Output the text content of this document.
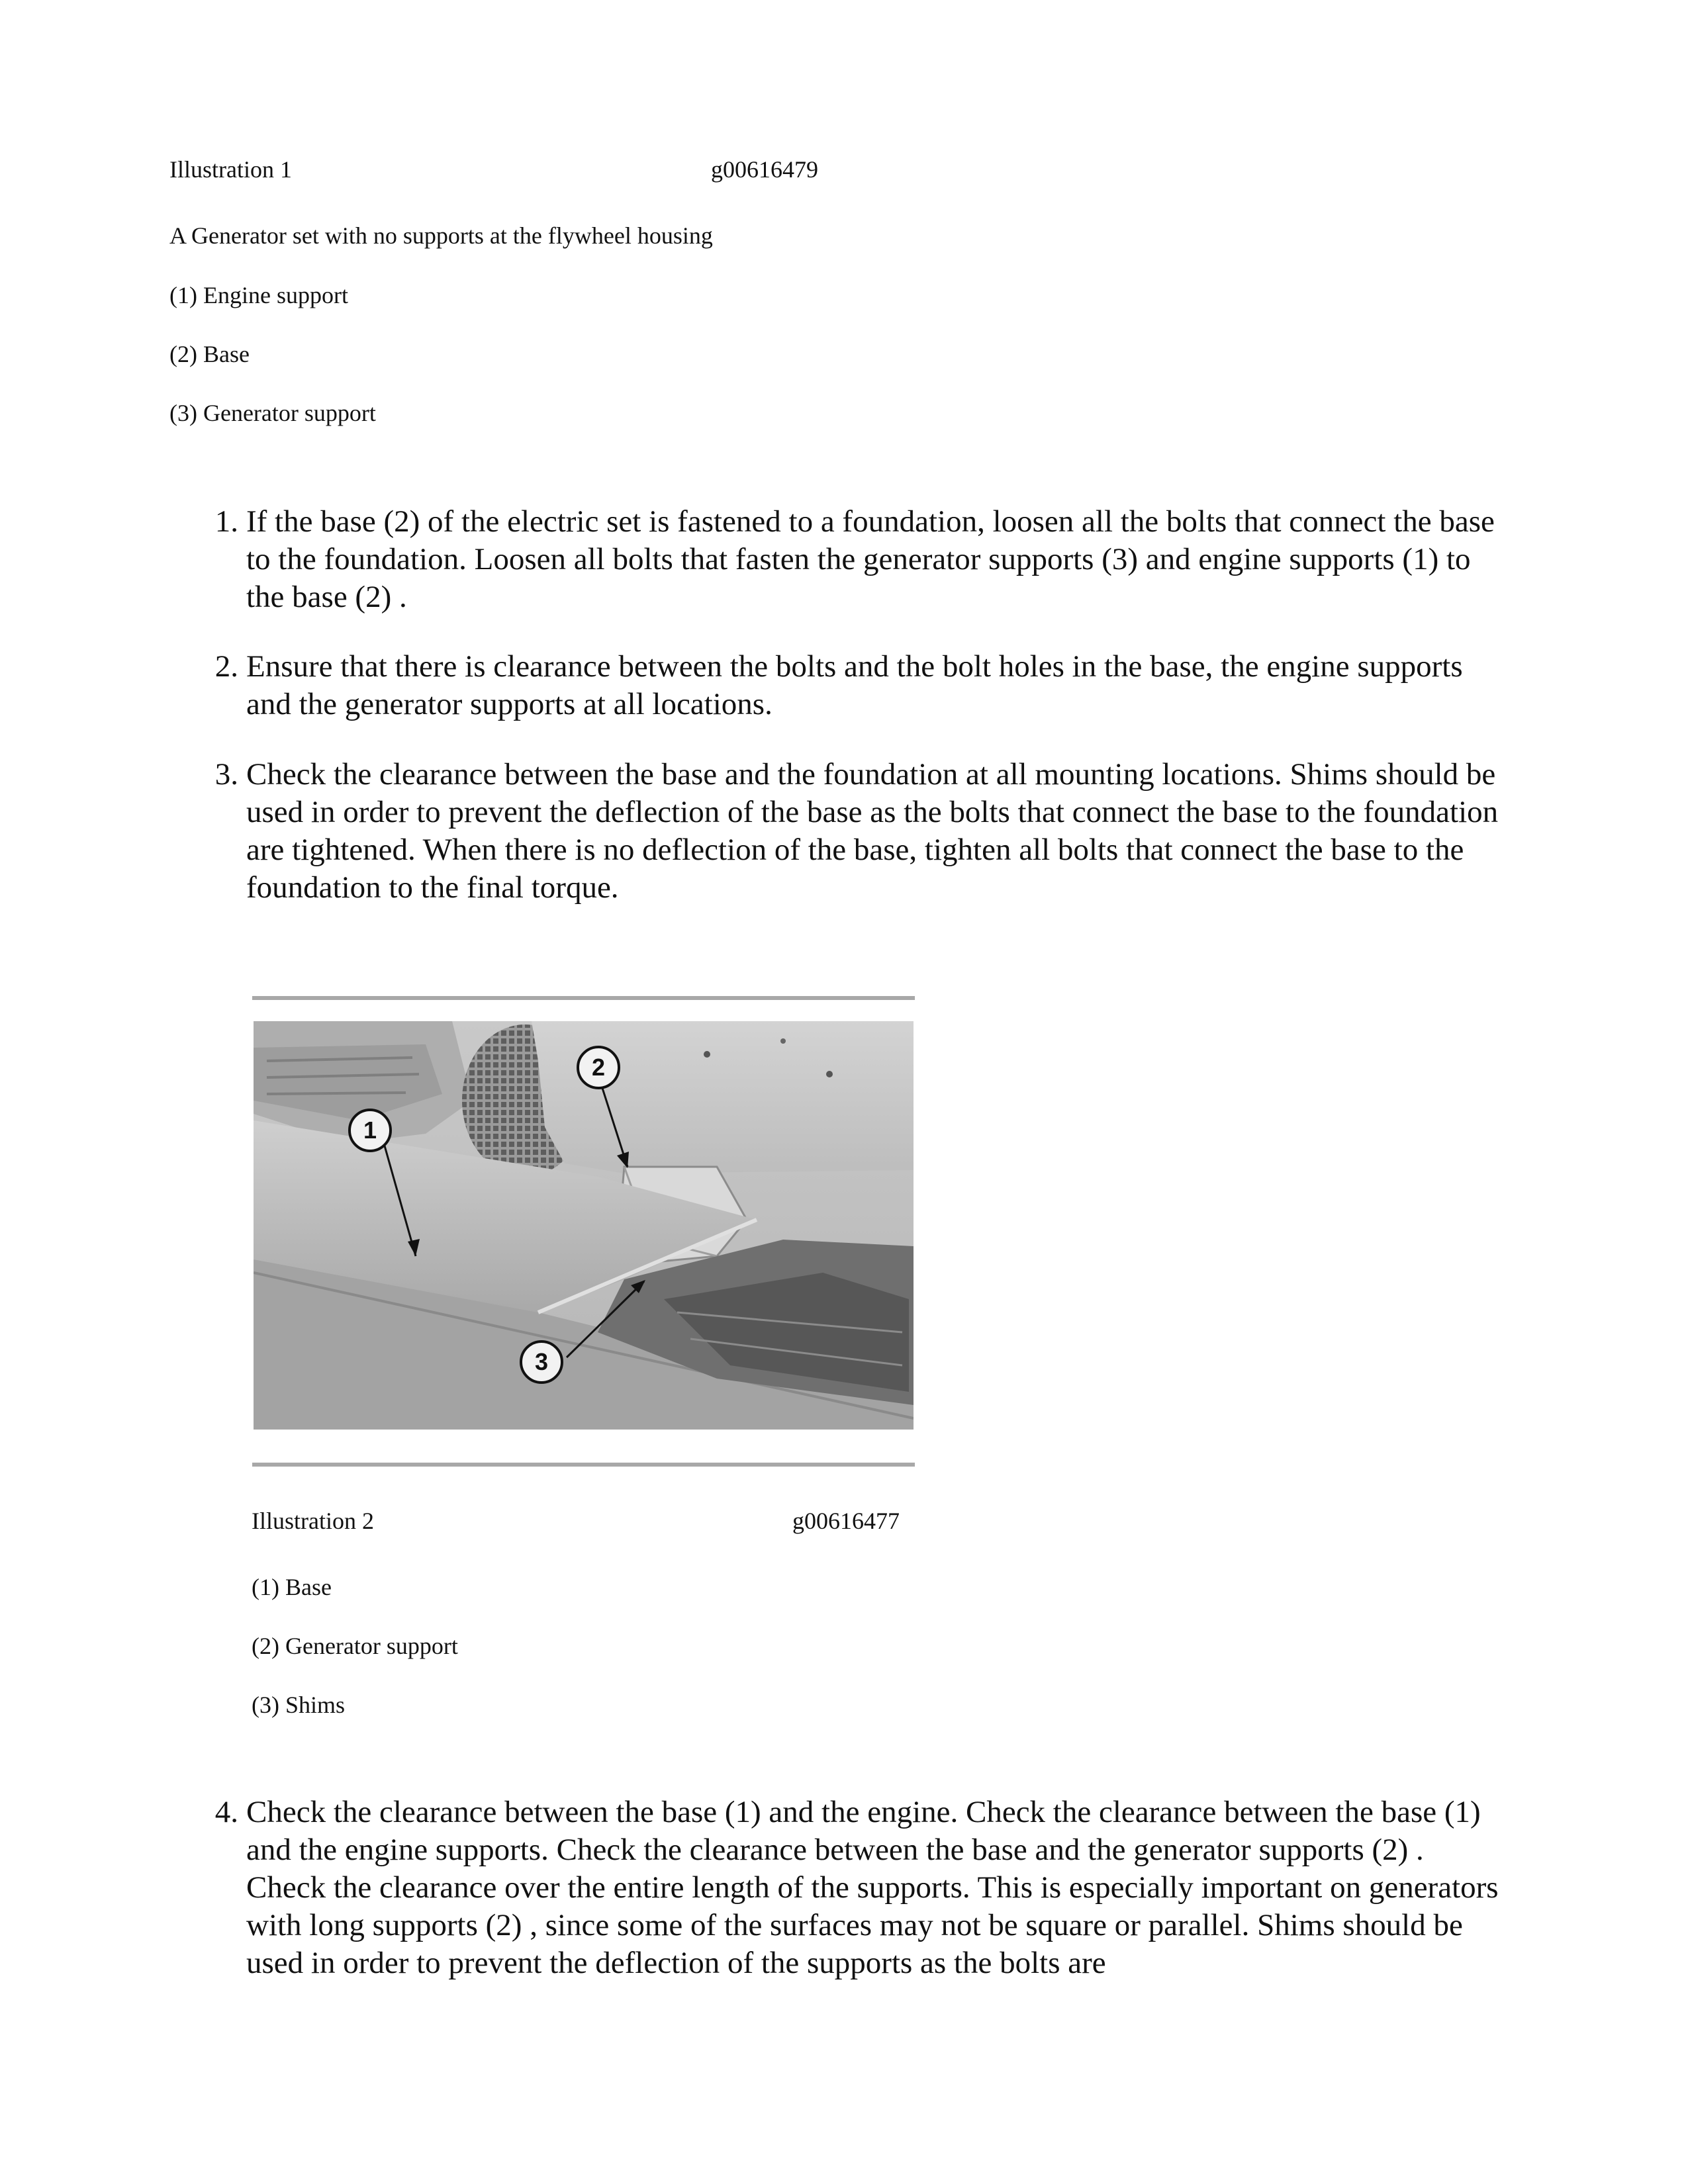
Illustration 1	g00616479
A Generator set with no supports at the flywheel housing
(1) Engine support
(2) Base
(3) Generator support
1. If the base (2) of the electric set is fastened to a foundation, loosen all the bolts that connect the base to the foundation. Loosen all bolts that fasten the generator supports (3) and engine supports (1) to the base (2) .
2. Ensure that there is clearance between the bolts and the bolt holes in the base, the engine supports and the generator supports at all locations.
3. Check the clearance between the base and the foundation at all mounting locations. Shims should be used in order to prevent the deflection of the base as the bolts that connect the base to the foundation are tightened. When there is no deflection of the base, tighten all bolts that connect the base to the foundation to the final torque.
1
2
3
Illustration 2	g00616477
(1) Base
(2) Generator support
(3) Shims
4. Check the clearance between the base (1) and the engine. Check the clearance between the base (1) and the engine supports. Check the clearance between the base and the generator supports (2) . Check the clearance over the entire length of the supports. This is especially important on generators with long supports (2) , since some of the surfaces may not be square or parallel. Shims should be used in order to prevent the deflection of the supports as the bolts are
